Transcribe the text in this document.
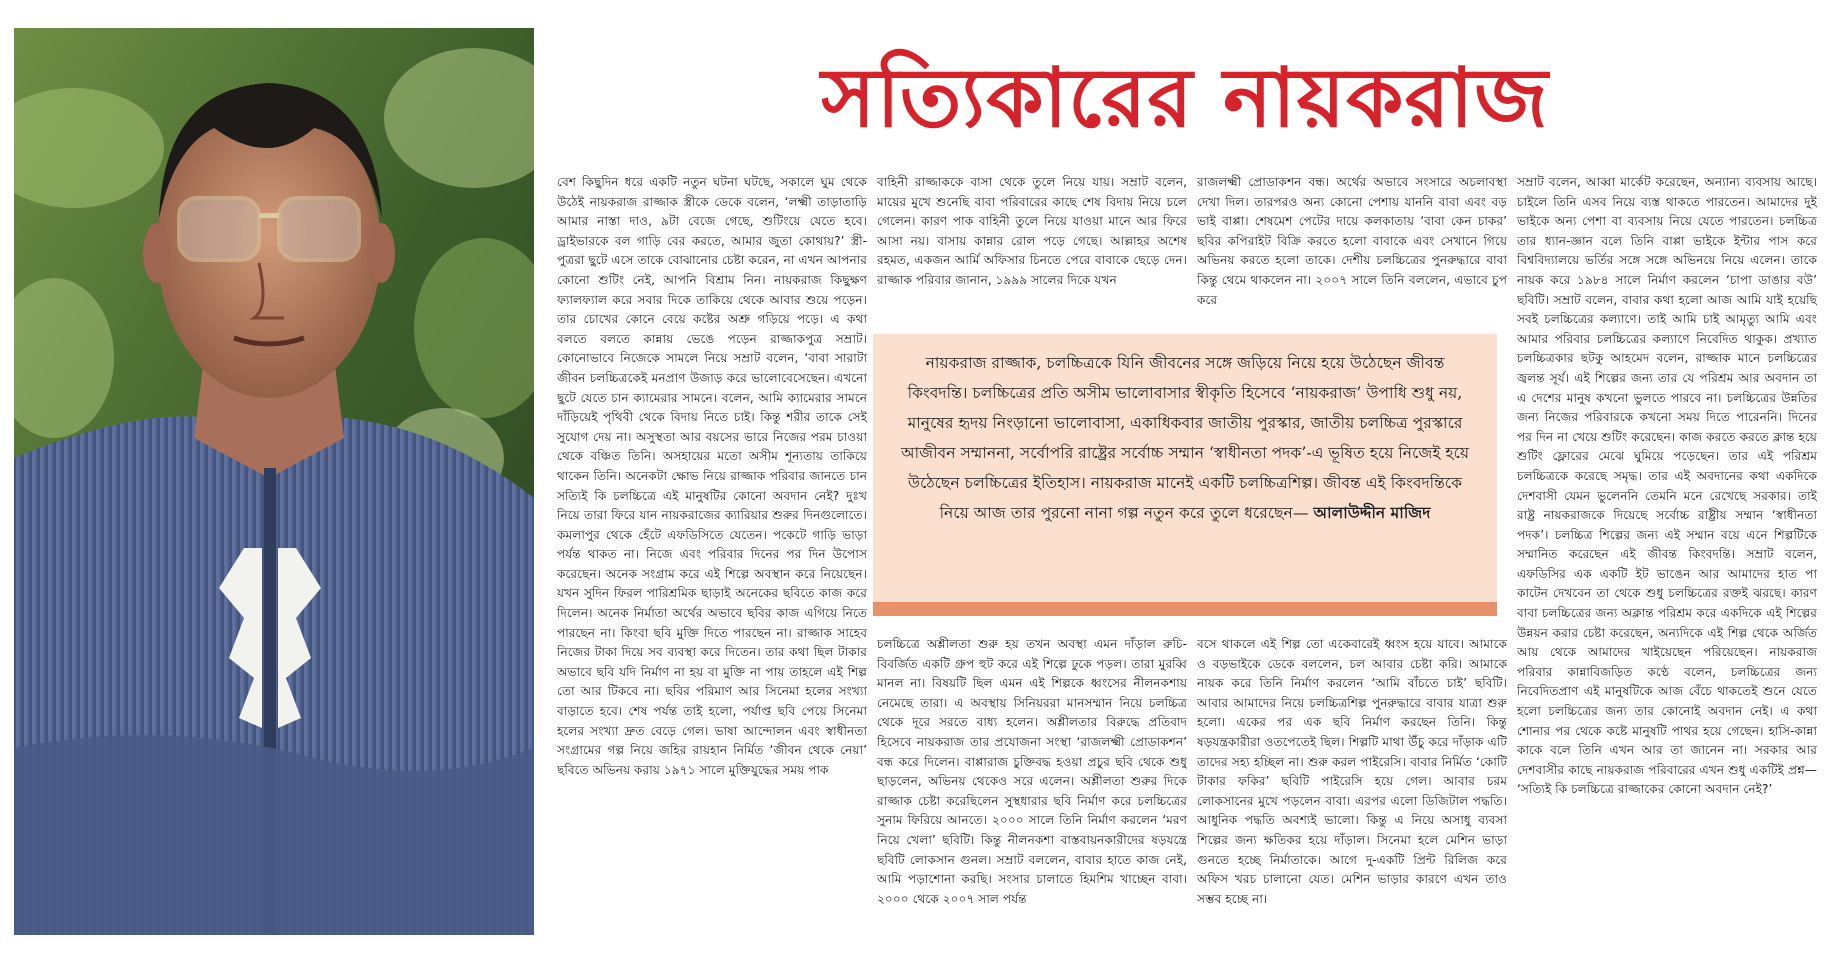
সত্যিকারের নায়করাজ

বেশ কিছুদিন ধরে একটি নতুন ঘটনা ঘটছে, সকালে ঘুম থেকে উঠেই নায়করাজ রাজ্জাক স্ত্রীকে ডেকে বলেন, ‘লক্ষ্মী তাড়াতাড়ি আমার নাস্তা দাও, ৯টা বেজে গেছে, শুটিংয়ে যেতে হবে। ড্রাইভারকে বল গাড়ি বের করতে, আমার জুতা কোথায়?’ স্ত্রী-পুত্ররা ছুটে এসে তাকে বোঝানোর চেষ্টা করেন, না এখন আপনার কোনো শুটিং নেই, আপনি বিশ্রাম নিন। নায়করাজ কিছুক্ষণ ফ্যালফ্যাল করে সবার দিকে তাকিয়ে থেকে আবার শুয়ে পড়েন। তার চোখের কোনে বেয়ে কষ্টের অশ্রু গড়িয়ে পড়ে। এ কথা বলতে বলতে কান্নায় ভেঙে পড়েন রাজ্জাকপুত্র সম্রাট। কোনোভাবে নিজেকে সামলে নিয়ে সম্রাট বলেন, ‘বাবা সারাটা জীবন চলচ্চিত্রকেই মনপ্রাণ উজাড় করে ভালোবেসেছেন। এখনো ছুটে যেতে চান ক্যামেরার সামনে। বলেন, আমি ক্যামেরার সামনে দাঁড়িয়েই পৃথিবী থেকে বিদায় নিতে চাই। কিন্তু শরীর তাকে সেই সুযোগ দেয় না। অসুস্থতা আর বয়সের ভারে নিজের পরম চাওয়া থেকে বঞ্চিত তিনি। অসহায়ের মতো অসীম শূন্যতায় তাকিয়ে থাকেন তিনি। অনেকটা ক্ষোভ নিয়ে রাজ্জাক পরিবার জানতে চান সত্যিই কি চলচ্চিত্রে এই মানুষটির কোনো অবদান নেই? দুঃখ নিয়ে তারা ফিরে যান নায়করাজের ক্যারিয়ার শুরুর দিনগুলোতে। কমলাপুর থেকে হেঁটে এফডিসিতে যেতেন। পকেটে গাড়ি ভাড়া পর্যন্ত থাকত না। নিজে এবং পরিবার দিনের পর দিন উপোস করেছেন। অনেক সংগ্রাম করে এই শিল্পে অবস্থান করে নিয়েছেন। যখন সুদিন ফিরল পারিশ্রমিক ছাড়াই অনেকের ছবিতে কাজ করে দিলেন। অনেক নির্মাতা অর্থের অভাবে ছবির কাজ এগিয়ে নিতে পারছেন না। কিংবা ছবি মুক্তি দিতে পারছেন না। রাজ্জাক সাহেব নিজের টাকা দিয়ে সব ব্যবস্থা করে দিতেন। তার কথা ছিল টাকার অভাবে ছবি যদি নির্মাণ না হয় বা মুক্তি না পায় তাহলে এই শিল্প তো আর টিকবে না। ছবির পরিমাণ আর সিনেমা হলের সংখ্যা বাড়াতে হবে। শেষ পর্যন্ত তাই হলো, পর্যাপ্ত ছবি পেয়ে সিনেমা হলের সংখ্যা দ্রুত বেড়ে গেল। ভাষা আন্দোলন এবং স্বাধীনতা সংগ্রামের গল্প নিয়ে জহির রায়হান নির্মিত ‘জীবন থেকে নেয়া’ ছবিতে অভিনয় করায় ১৯৭১ সালে মুক্তিযুদ্ধের সময় পাক

বাহিনী রাজ্জাককে বাসা থেকে তুলে নিয়ে যায়। সম্রাট বলেন, মায়ের মুখে শুনেছি বাবা পরিবারের কাছে শেষ বিদায় নিয়ে চলে গেলেন। কারণ পাক বাহিনী তুলে নিয়ে যাওয়া মানে আর ফিরে আসা নয়। বাসায় কান্নার রোল পড়ে গেছে। আল্লাহর অশেষ রহমত, একজন আর্মি অফিসার চিনতে পেরে বাবাকে ছেড়ে দেন। রাজ্জাক পরিবার জানান, ১৯৯৯ সালের দিকে যখন

রাজলক্ষ্মী প্রোডাকশন বন্ধ। অর্থের অভাবে সংসারে অচলাবস্থা দেখা দিল। তারপরও অন্য কোনো পেশায় যাননি বাবা এবং বড় ভাই বাপ্পা। শেষমেশ পেটের দায়ে কলকাতায় ‘বাবা কেন চাকর’ ছবির কপিরাইট বিক্রি করতে হলো বাবাকে এবং সেখানে গিয়ে অভিনয় করতে হলো তাকে। দেশীয় চলচ্চিত্রের পুনরুদ্ধারে বাবা কিন্তু থেমে থাকলেন না। ২০০৭ সালে তিনি বললেন, এভাবে চুপ করে

নায়করাজ রাজ্জাক, চলচ্চিত্রকে যিনি জীবনের সঙ্গে জড়িয়ে নিয়ে হয়ে উঠেছেন জীবন্ত কিংবদন্তি। চলচ্চিত্রের প্রতি অসীম ভালোবাসার স্বীকৃতি হিসেবে ‘নায়করাজ’ উপাধি শুধু নয়, মানুষের হৃদয় নিংড়ানো ভালোবাসা, একাধিকবার জাতীয় পুরস্কার, জাতীয় চলচ্চিত্র পুরস্কারে আজীবন সম্মাননা, সর্বোপরি রাষ্ট্রের সর্বোচ্চ সম্মান ‘স্বাধীনতা পদক’-এ ভূষিত হয়ে নিজেই হয়ে উঠেছেন চলচ্চিত্রের ইতিহাস। নায়করাজ মানেই একটি চলচ্চিত্রশিল্প। জীবন্ত এই কিংবদন্তিকে নিয়ে আজ তার পুরনো নানা গল্প নতুন করে তুলে ধরেছেন— আলাউদ্দীন মাজিদ

চলচ্চিত্রে অশ্লীলতা শুরু হয় তখন অবস্থা এমন দাঁড়াল রুচি-বিবর্জিত একটি গ্রুপ হুট করে এই শিল্পে ঢুকে পড়ল। তারা মুরব্বি মানল না। বিষয়টি ছিল এমন এই শিল্পকে ধ্বংসের নীলনকশায় নেমেছে তারা। এ অবস্থায় সিনিয়ররা মানসম্মান নিয়ে চলচ্চিত্র থেকে দূরে সরতে বাধ্য হলেন। অশ্লীলতার বিরুদ্ধে প্রতিবাদ হিসেবে নায়করাজ তার প্রযোজনা সংস্থা ‘রাজলক্ষ্মী প্রোডাকশন’ বন্ধ করে দিলেন। বাপ্পারাজ চুক্তিবদ্ধ হওয়া প্রচুর ছবি থেকে শুধু ছাড়লেন, অভিনয় থেকেও সরে এলেন। অশ্লীলতা শুরুর দিকে রাজ্জাক চেষ্টা করেছিলেন সুস্থধারার ছবি নির্মাণ করে চলচ্চিত্রের সুনাম ফিরিয়ে আনতে। ২০০০ সালে তিনি নির্মাণ করলেন ‘মরণ নিয়ে খেলা’ ছবিটি। কিন্তু নীলনকশা বাস্তবায়নকারীদের ষড়যন্ত্রে ছবিটি লোকসান গুনল। সম্রাট বললেন, বাবার হাতে কাজ নেই, আমি পড়াশোনা করছি। সংসার চালাতে হিমশিম খাচ্ছেন বাবা। ২০০০ থেকে ২০০৭ সাল পর্যন্ত

বসে থাকলে এই শিল্প তো একেবারেই ধ্বংস হয়ে যাবে। আমাকে ও বড়ভাইকে ডেকে বললেন, চল আবার চেষ্টা করি। আমাকে নায়ক করে তিনি নির্মাণ করলেন ‘আমি বাঁচতে চাই’ ছবিটি। আবার আমাদের নিয়ে চলচ্চিত্রশিল্প পুনরুদ্ধারে বাবার যাত্রা শুরু হলো। একের পর এক ছবি নির্মাণ করছেন তিনি। কিন্তু ষড়যন্ত্রকারীরা ওতপেতেই ছিল। শিল্পটি মাথা উঁচু করে দাঁড়াক এটি তাদের সহ্য হচ্ছিল না। শুরু করল পাইরেসি। বাবার নির্মিত ‘কোটি টাকার ফকির’ ছবিটি পাইরেসি হয়ে গেল। আবার চরম লোকসানের মুখে পড়লেন বাবা। এরপর এলো ডিজিটাল পদ্ধতি। আধুনিক পদ্ধতি অবশ্যই ভালো। কিন্তু এ নিয়ে অসাধু ব্যবসা শিল্পের জন্য ক্ষতিকর হয়ে দাঁড়াল। সিনেমা হলে মেশিন ভাড়া গুনতে হচ্ছে নির্মাতাকে। আগে দু-একটি প্রিন্ট রিলিজ করে অফিস খরচ চালানো যেত। মেশিন ভাড়ার কারণে এখন তাও সম্ভব হচ্ছে না।

সম্রাট বলেন, আব্বা মার্কেট করেছেন, অন্যান্য ব্যবসায় আছে। চাইলে তিনি এসব নিয়ে ব্যস্ত থাকতে পারতেন। আমাদের দুই ভাইকে অন্য পেশা বা ব্যবসায় নিয়ে যেতে পারতেন। চলচ্চিত্র তার ধ্যান-জ্ঞান বলে তিনি বাপ্পা ভাইকে ইন্টার পাস করে বিশ্ববিদ্যালয়ে ভর্তির সঙ্গে সঙ্গে অভিনয়ে নিয়ে এলেন। তাকে নায়ক করে ১৯৮৪ সালে নির্মাণ করলেন ‘চাপা ডাঙার বউ’ ছবিটি। সম্রাট বলেন, বাবার কথা হলো আজ আমি যাই হয়েছি সবই চলচ্চিত্রের কল্যাণে। তাই আমি চাই আমৃত্যু আমি এবং আমার পরিবার চলচ্চিত্রের কল্যাণে নিবেদিত থাকুক। প্রখ্যাত চলচ্চিত্রকার ছটকু আহমেদ বলেন, রাজ্জাক মানে চলচ্চিত্রের জ্বলন্ত সূর্য। এই শিল্পের জন্য তার যে পরিশ্রম আর অবদান তা এ দেশের মানুষ কখনো ভুলতে পারবে না। চলচ্চিত্রের উন্নতির জন্য নিজের পরিবারকে কখনো সময় দিতে পারেননি। দিনের পর দিন না খেয়ে শুটিং করেছেন। কাজ করতে করতে ক্লান্ত হয়ে শুটিং ফ্লোরের মেঝে ঘুমিয়ে পড়েছেন। তার এই পরিশ্রম চলচ্চিত্রকে করেছে সমৃদ্ধ। তার এই অবদানের কথা একদিকে দেশবাসী যেমন ভুলেননি তেমনি মনে রেখেছে সরকার। তাই রাষ্ট্র নায়করাজকে দিয়েছে সর্বোচ্চ রাষ্ট্রীয় সম্মান ‘স্বাধীনতা পদক’। চলচ্চিত্র শিল্পের জন্য এই সম্মান বয়ে এনে শিল্পটিকে সম্মানিত করেছেন এই জীবন্ত কিংবদন্তি। সম্রাট বলেন, এফডিসির এক একটি ইট ভাঙেন আর আমাদের হাত পা কাটেন দেখবেন তা থেকে শুধু চলচ্চিত্রের রক্তই ঝরছে। কারণ বাবা চলচ্চিত্রের জন্য অক্লান্ত পরিশ্রম করে একদিকে এই শিল্পের উন্নয়ন করার চেষ্টা করেছেন, অন্যদিকে এই শিল্প থেকে অর্জিত আয় থেকে আমাদের খাইয়েছেন পরিয়েছেন। নায়করাজ পরিবার কান্নাবিজড়িত কণ্ঠে বলেন, চলচ্চিত্রের জন্য নিবেদিতপ্রাণ এই মানুষটিকে আজ বেঁচে থাকতেই শুনে যেতে হলো চলচ্চিত্রের জন্য তার কোনোই অবদান নেই। এ কথা শোনার পর থেকে কষ্টে মানুষটি পাথর হয়ে গেছেন। হাসি-কান্না কাকে বলে তিনি এখন আর তা জানেন না। সরকার আর দেশবাসীর কাছে নায়করাজ পরিবারের এখন শুধু একটিই প্রশ্ন— ‘সত্যিই কি চলচ্চিত্রে রাজ্জাকের কোনো অবদান নেই?’
